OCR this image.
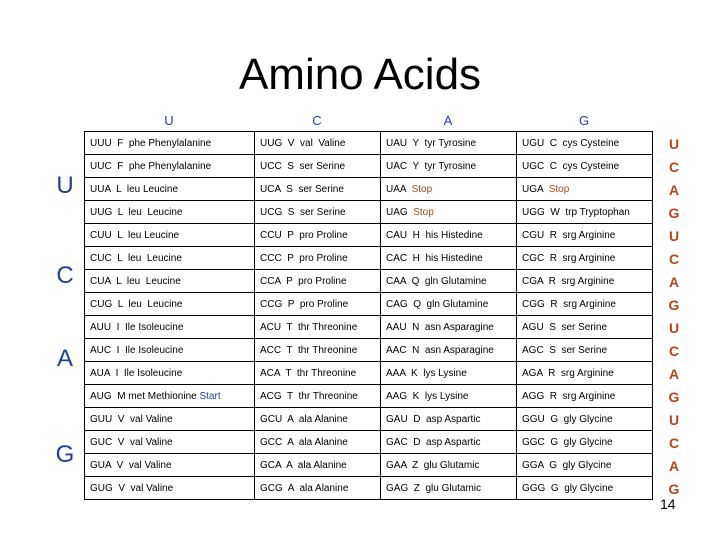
Amino Acids
U	C	A	G
U
C
A
G
UUU  F  phe Phenylalanine	UUG  V  val  Valine	UAU  Y  tyr Tyrosine	UGU  C  cys Cysteine
UUC  F  phe Phenylalanine	UCC  S  ser Serine	UAC  Y  tyr Tyrosine	UGC  C  cys Cysteine
UUA  L  leu Leucine	UCA  S  ser Serine	UAA  Stop	UGA  Stop
UUG  L  leu  Leucine	UCG  S  ser Serine	UAG  Stop	UGG  W  trp Tryptophan
CUU  L  leu Leucine	CCU  P  pro Proline	CAU  H  his Histedine	CGU  R  srg Arginine
CUC  L  leu  Leucine	CCC  P  pro Proline	CAC  H  his Histedine	CGC  R  srg Arginine
CUA  L  leu  Leucine	CCA  P  pro Proline	CAA  Q  gln Glutamine	CGA  R  srg Arginine
CUG  L  leu  Leucine	CCG  P  pro Proline	CAG  Q  gln Glutamine	CGG  R  srg Arginine
AUU  I  Ile Isoleucine	ACU  T  thr Threonine	AAU  N  asn Asparagine	AGU  S  ser Serine
AUC  I  Ile Isoleucine	ACC  T  thr Threonine	AAC  N  asn Asparagine	AGC  S  ser Serine
AUA  I  Ile Isoleucine	ACA  T  thr Threonine	AAA  K  lys Lysine	AGA  R  srg Arginine
AUG  M met Methionine Start	ACG  T  thr Threonine	AAG  K  lys Lysine	AGG  R  srg Arginine
GUU  V  val Valine	GCU  A  ala Alanine	GAU  D  asp Aspartic	GGU  G  gly Glycine
GUC  V  val Valine	GCC  A  ala Alanine	GAC  D  asp Aspartic	GGC  G  gly Glycine
GUA  V  val Valine	GCA  A  ala Alanine	GAA  Z  glu Glutamic	GGA  G  gly Glycine
GUG  V  val Valine	GCG  A  ala Alanine	GAG  Z  glu Glutamic	GGG  G  gly Glycine
U
C
A
G
U
C
A
G
U
C
A
G
U
C
A
G
14
